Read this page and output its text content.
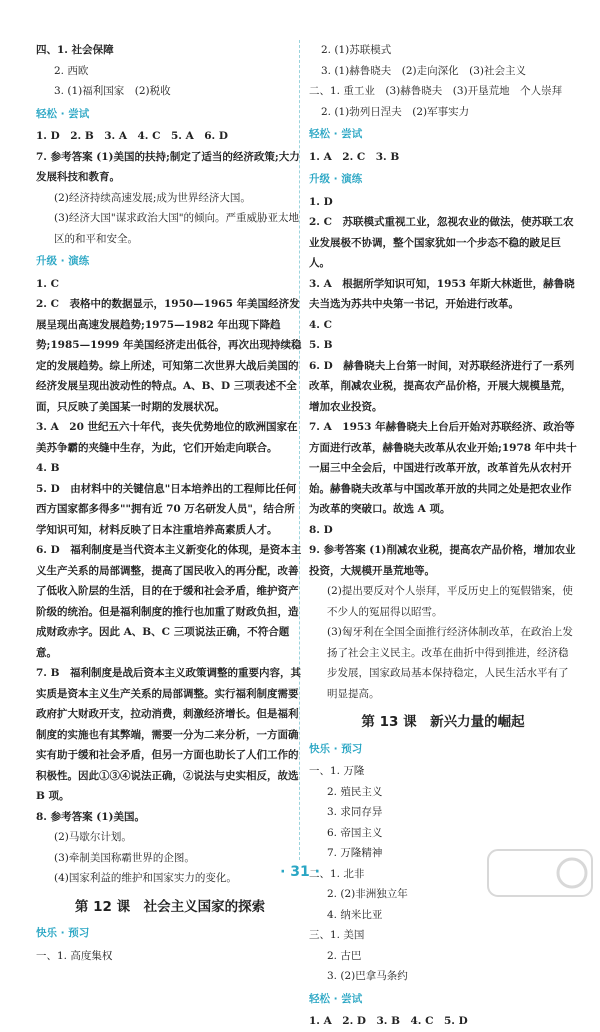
四、1. 社会保障
2. 西欧
3. (1)福利国家　(2)税收
轻松 · 尝试
1. D　2. B　3. A　4. C　5. A　6. D
7. 参考答案 (1)美国的扶持;制定了适当的经济政策;大力发展科技和教育。
(2)经济持续高速发展;成为世界经济大国。
(3)经济大国"谋求政治大国"的倾向。严重威胁亚太地区的和平和安全。
升级 · 演练
1. C
2. C　表格中的数据显示，1950—1965 年美国经济发展呈现出高速发展趋势;1975—1982 年出现下降趋势;1985—1999 年美国经济走出低谷，再次出现持续稳定的发展趋势。综上所述，可知第二次世界大战后美国的经济发展呈现出波动性的特点。A、B、D 三项表述不全面，只反映了美国某一时期的发展状况。
3. A　20 世纪五六十年代，丧失优势地位的欧洲国家在美苏争霸的夹缝中生存，为此，它们开始走向联合。
4. B
5. D　由材料中的关键信息"日本培养出的工程师比任何西方国家都多得多""拥有近 70 万名研发人员"，结合所学知识可知，材料反映了日本注重培养高素质人才。
6. D　福利制度是当代资本主义新变化的体现，是资本主义生产关系的局部调整，提高了国民收入的再分配，改善了低收入阶层的生活，目的在于缓和社会矛盾，维护资产阶级的统治。但是福利制度的推行也加重了财政负担，造成财政赤字。因此 A、B、C 三项说法正确，不符合题意。
7. B　福利制度是战后资本主义政策调整的重要内容，其实质是资本主义生产关系的局部调整。实行福利制度需要政府扩大财政开支，拉动消费，刺激经济增长。但是福利制度的实施也有其弊端，需要一分为二来分析，一方面确实有助于缓和社会矛盾，但另一方面也助长了人们工作的积极性。因此①③④说法正确，②说法与史实相反，故选 B 项。
8. 参考答案 (1)美国。
(2)马歇尔计划。
(3)牵制美国称霸世界的企图。
(4)国家利益的维护和国家实力的变化。
第 12 课　社会主义国家的探索
快乐 · 预习
一、1. 高度集权
2. (1)苏联模式
3. (1)赫鲁晓夫　(2)走向深化　(3)社会主义
二、1. 重工业　(3)赫鲁晓夫　(3)开垦荒地　个人崇拜
2. (1)勃列日涅夫　(2)军事实力
轻松 · 尝试
1. A　2. C　3. B
升级 · 演练
1. D
2. C　苏联模式重视工业，忽视农业的做法，使苏联工农业发展极不协调，整个国家犹如一个步态不稳的跛足巨人。
3. A　根据所学知识可知，1953 年斯大林逝世，赫鲁晓夫当选为苏共中央第一书记，开始进行改革。
4. C
5. B
6. D　赫鲁晓夫上台第一时间，对苏联经济进行了一系列改革，削减农业税，提高农产品价格，开展大规模垦荒，增加农业投资。
7. A　1953 年赫鲁晓夫上台后开始对苏联经济、政治等方面进行改革，赫鲁晓夫改革从农业开始;1978 年中共十一届三中全会后，中国进行改革开放，改革首先从农村开始。赫鲁晓夫改革与中国改革开放的共同之处是把农业作为改革的突破口。故选 A 项。
8. D
9. 参考答案 (1)削减农业税，提高农产品价格，增加农业投资，大规模开垦荒地等。
(2)提出要反对个人崇拜，平反历史上的冤假错案，使不少人的冤屈得以昭雪。
(3)匈牙利在全国全面推行经济体制改革，在政治上发扬了社会主义民主。改革在曲折中得到推进，经济稳步发展，国家政局基本保持稳定，人民生活水平有了明显提高。
第 13 课　新兴力量的崛起
快乐 · 预习
一、1. 万隆
2. 殖民主义
3. 求同存异
6. 帝国主义
7. 万隆精神
二、1. 北非
2. (2)非洲独立年
4. 纳米比亚
三、1. 美国
2. 古巴
3. (2)巴拿马条约
轻松 · 尝试
1. A　2. D　3. B　4. C　5. D
· 31 ·
